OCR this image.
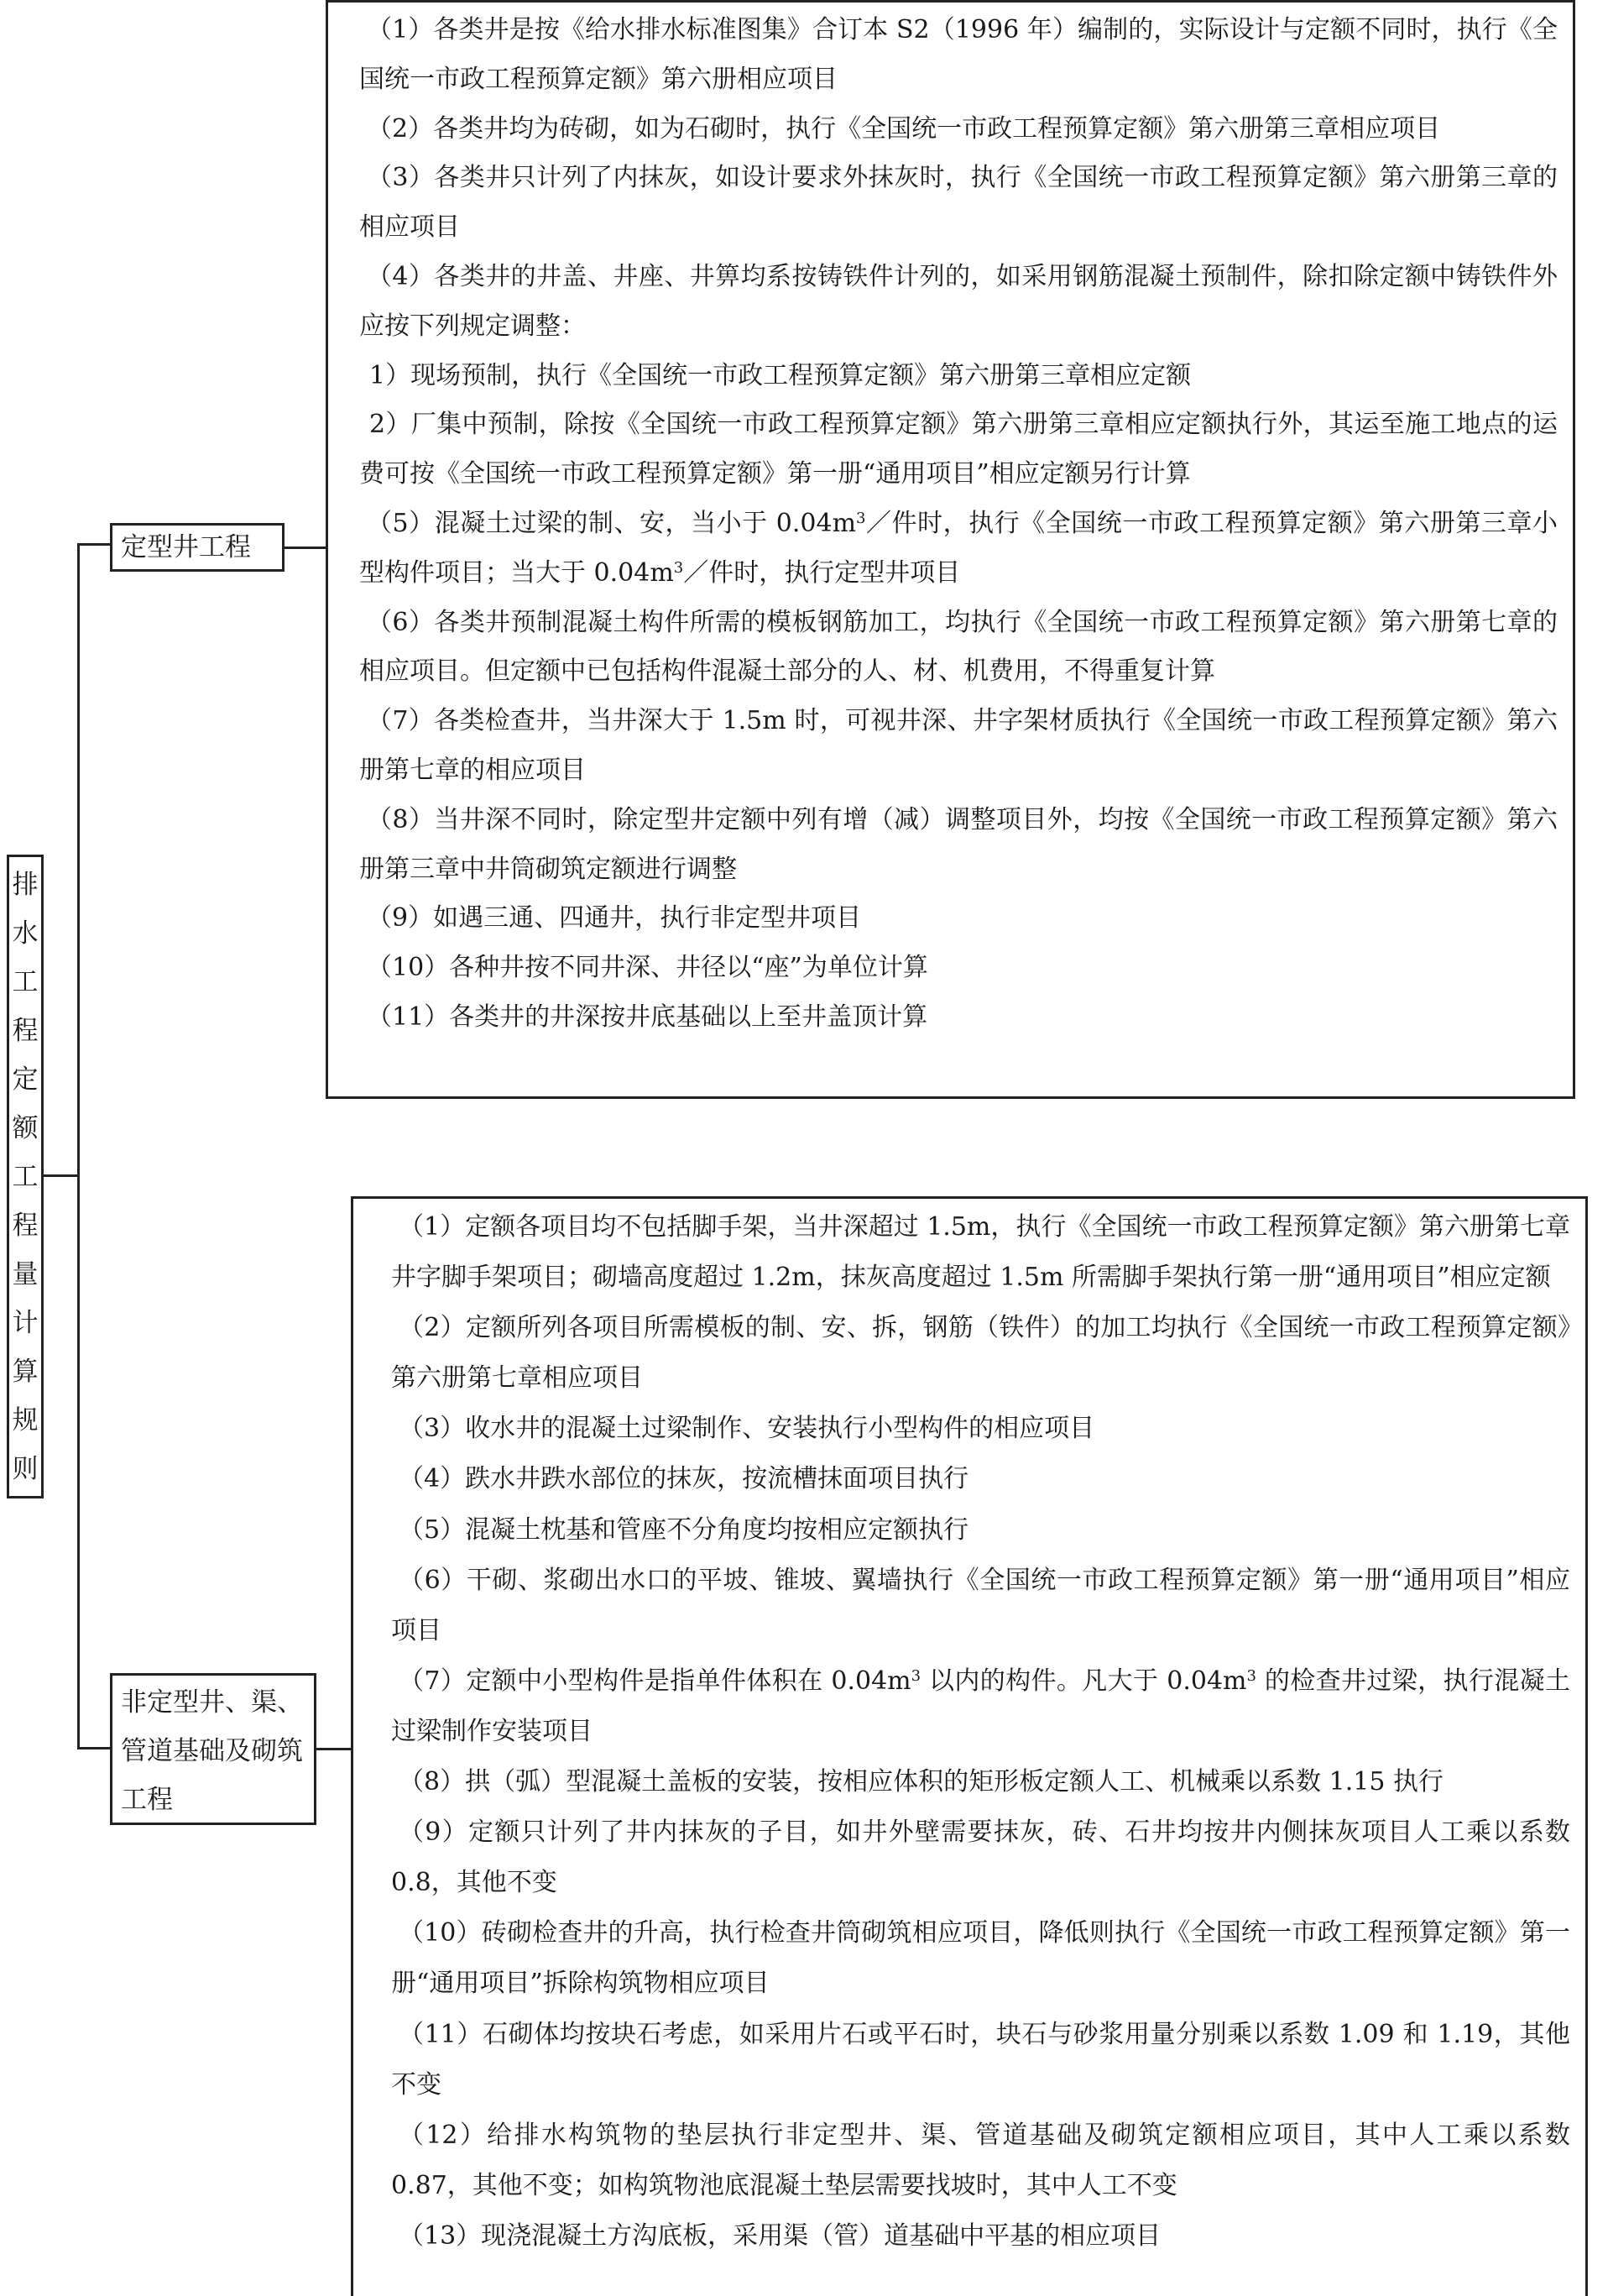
排水工程定额工程量计算规则
定型井工程
非定型井、渠、管道基础及砌筑工程

（1）各类井是按《给水排水标准图集》合订本 S2（1996 年）编制的，实际设计与定额不同时，执行《全国统一市政工程预算定额》第六册相应项目

（2）各类井均为砖砌，如为石砌时，执行《全国统一市政工程预算定额》第六册第三章相应项目

（3）各类井只计列了内抹灰，如设计要求外抹灰时，执行《全国统一市政工程预算定额》第六册第三章的相应项目

（4）各类井的井盖、井座、井箅均系按铸铁件计列的，如采用钢筋混凝土预制件，除扣除定额中铸铁件外应按下列规定调整：

1）现场预制，执行《全国统一市政工程预算定额》第六册第三章相应定额

2）厂集中预制，除按《全国统一市政工程预算定额》第六册第三章相应定额执行外，其运至施工地点的运费可按《全国统一市政工程预算定额》第一册“通用项目”相应定额另行计算

（5）混凝土过梁的制、安，当小于 $0.04m^3/$件时，执行《全国统一市政工程预算定额》第六册第三章小型构件项目；当大于 $0.04m^3/$件时，执行定型井项目

（6）各类井预制混凝土构件所需的模板钢筋加工，均执行《全国统一市政工程预算定额》第六册第七章的相应项目。但定额中已包括构件混凝土部分的人、材、机费用，不得重复计算

（7）各类检查井，当井深大于 1.5m 时，可视井深、井字架材质执行《全国统一市政工程预算定额》第六册第七章的相应项目

（8）当井深不同时，除定型井定额中列有增（减）调整项目外，均按《全国统一市政工程预算定额》第六册第三章中井筒砌筑定额进行调整

（9）如遇三通、四通井，执行非定型井项目

（10）各种井按不同井深、井径以“座”为单位计算

（11）各类井的井深按井底基础以上至井盖顶计算

（1）定额各项目均不包括脚手架，当井深超过 1.5m，执行《全国统一市政工程预算定额》第六册第七章井字脚手架项目；砌墙高度超过 1.2m，抹灰高度超过 1.5m 所需脚手架执行第一册“通用项目”相应定额

（2）定额所列各项目所需模板的制、安、拆，钢筋（铁件）的加工均执行《全国统一市政工程预算定额》第六册第七章相应项目

（3）收水井的混凝土过梁制作、安装执行小型构件的相应项目

（4）跌水井跌水部位的抹灰，按流槽抹面项目执行

（5）混凝土枕基和管座不分角度均按相应定额执行

（6）干砌、浆砌出水口的平坡、锥坡、翼墙执行《全国统一市政工程预算定额》第一册“通用项目”相应项目

（7）定额中小型构件是指单件体积在 $0.04m^3$ 以内的构件。凡大于 $0.04m^3$ 的检查井过梁，执行混凝土过梁制作安装项目

（8）拱（弧）型混凝土盖板的安装，按相应体积的矩形板定额人工、机械乘以系数 1.15 执行

（9）定额只计列了井内抹灰的子目，如井外壁需要抹灰，砖、石井均按井内侧抹灰项目人工乘以系数 0.8，其他不变

（10）砖砌检查井的升高，执行检查井筒砌筑相应项目，降低则执行《全国统一市政工程预算定额》第一册“通用项目”拆除构筑物相应项目

（11）石砌体均按块石考虑，如采用片石或平石时，块石与砂浆用量分别乘以系数 1.09 和 1.19，其他不变

（12）给排水构筑物的垫层执行非定型井、渠、管道基础及砌筑定额相应项目，其中人工乘以系数 0.87，其他不变；如构筑物池底混凝土垫层需要找坡时，其中人工不变

（13）现浇混凝土方沟底板，采用渠（管）道基础中平基的相应项目
